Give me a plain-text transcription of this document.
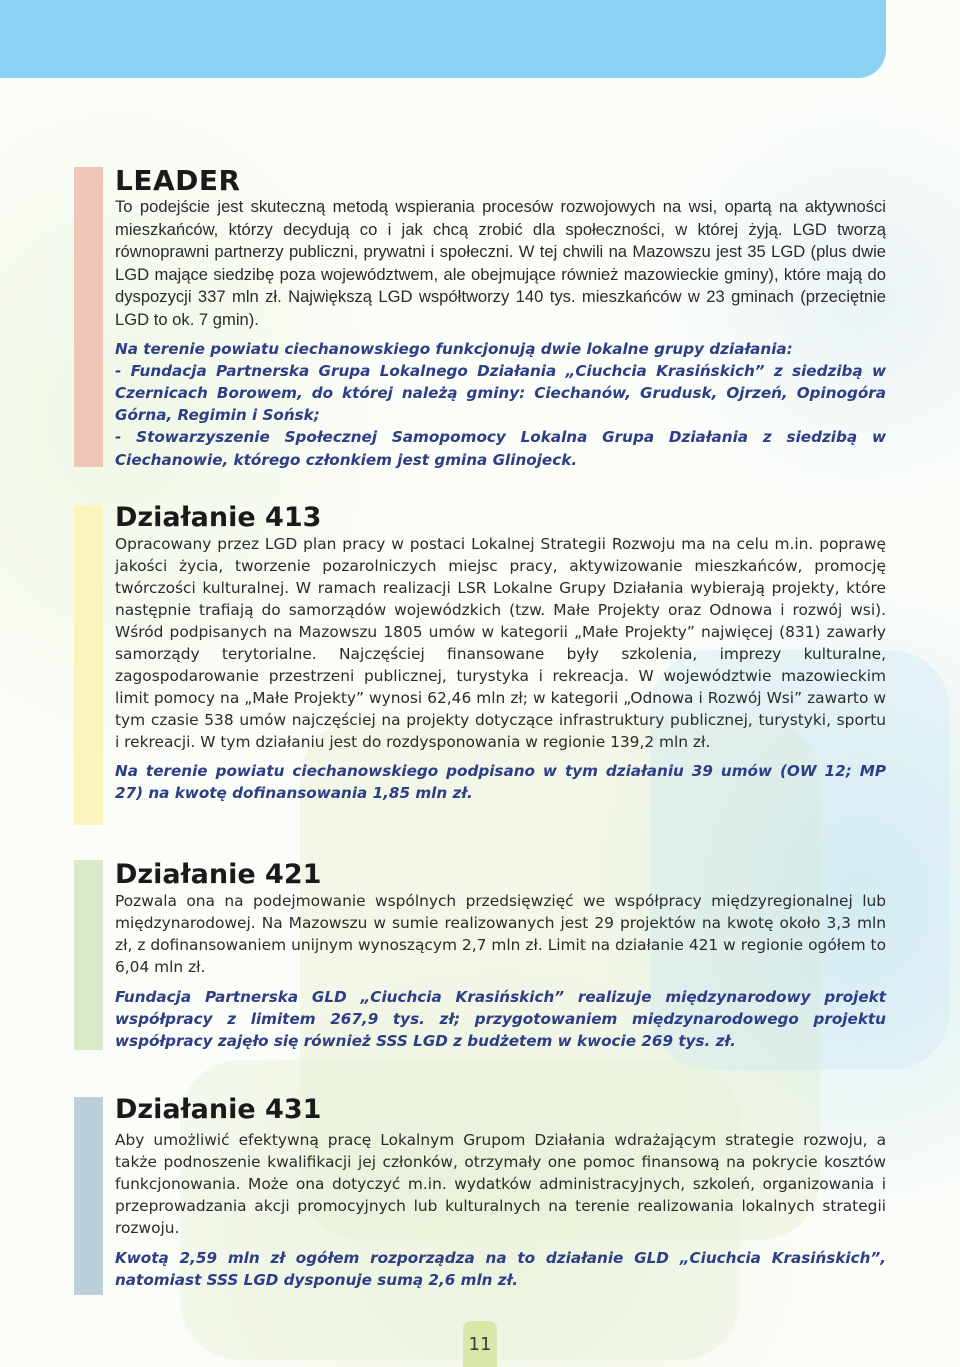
LEADER

To podejście jest skuteczną metodą wspierania procesów rozwojowych na wsi, opartą na aktywności mieszkańców, którzy decydują co i jak chcą zrobić dla społeczności, w której żyją. LGD tworzą równoprawni partnerzy publiczni, prywatni i społeczni. W tej chwili na Mazowszu jest 35 LGD (plus dwie LGD mające siedzibę poza województwem, ale obejmujące również mazowieckie gminy), które mają do dyspozycji 337 mln zł. Największą LGD współtworzy 140 tys. mieszkańców w 23 gminach (przeciętnie LGD to ok. 7 gmin).

Na terenie powiatu ciechanowskiego funkcjonują dwie lokalne grupy działania:

- Fundacja Partnerska Grupa Lokalnego Działania „Ciuchcia Krasińskich” z siedzibą w Czernicach Borowem, do której należą gminy: Ciechanów, Grudusk, Ojrzeń, Opinogóra Górna, Regimin i Sońsk;

- Stowarzyszenie Społecznej Samopomocy Lokalna Grupa Działania z siedzibą w Ciechanowie, którego członkiem jest gmina Glinojeck.

Działanie 413

Opracowany przez LGD plan pracy w postaci Lokalnej Strategii Rozwoju ma na celu m.in. poprawę jakości życia, tworzenie pozarolniczych miejsc pracy, aktywizowanie mieszkańców, promocję twórczości kulturalnej. W ramach realizacji LSR Lokalne Grupy Działania wybierają projekty, które następnie trafiają do samorządów wojewódzkich (tzw. Małe Projekty oraz Odnowa i rozwój wsi). Wśród podpisanych na Mazowszu 1805 umów w kategorii „Małe Projekty” najwięcej (831) zawarły samorządy terytorialne. Najczęściej finansowane były szkolenia, imprezy kulturalne, zagospodarowanie przestrzeni publicznej, turystyka i rekreacja. W województwie mazowieckim limit pomocy na „Małe Projekty” wynosi 62,46 mln zł; w kategorii „Odnowa i Rozwój Wsi” zawarto w tym czasie 538 umów najczęściej na projekty dotyczące infrastruktury publicznej, turystyki, sportu i rekreacji. W tym działaniu jest do rozdysponowania w regionie 139,2 mln zł.

Na terenie powiatu ciechanowskiego podpisano w tym działaniu 39 umów (OW 12; MP 27) na kwotę dofinansowania 1,85 mln zł.

Działanie 421

Pozwala ona na podejmowanie wspólnych przedsięwzięć we współpracy międzyregionalnej lub międzynarodowej. Na Mazowszu w sumie realizowanych jest 29 projektów na kwotę około 3,3 mln zł, z dofinansowaniem unijnym wynoszącym 2,7 mln zł. Limit na działanie 421 w regionie ogółem to 6,04 mln zł.

Fundacja Partnerska GLD „Ciuchcia Krasińskich” realizuje międzynarodowy projekt współpracy z limitem 267,9 tys. zł; przygotowaniem międzynarodowego projektu współpracy zajęło się również SSS LGD z budżetem w kwocie 269 tys. zł.

Działanie 431

Aby umożliwić efektywną pracę Lokalnym Grupom Działania wdrażającym strategie rozwoju, a także podnoszenie kwalifikacji jej członków, otrzymały one pomoc finansową na pokrycie kosztów funkcjonowania. Może ona dotyczyć m.in. wydatków administracyjnych, szkoleń, organizowania i przeprowadzania akcji promocyjnych lub kulturalnych na terenie realizowania lokalnych strategii rozwoju.

Kwotą 2,59 mln zł ogółem rozporządza na to działanie GLD „Ciuchcia Krasińskich”, natomiast SSS LGD dysponuje sumą 2,6 mln zł.

11
